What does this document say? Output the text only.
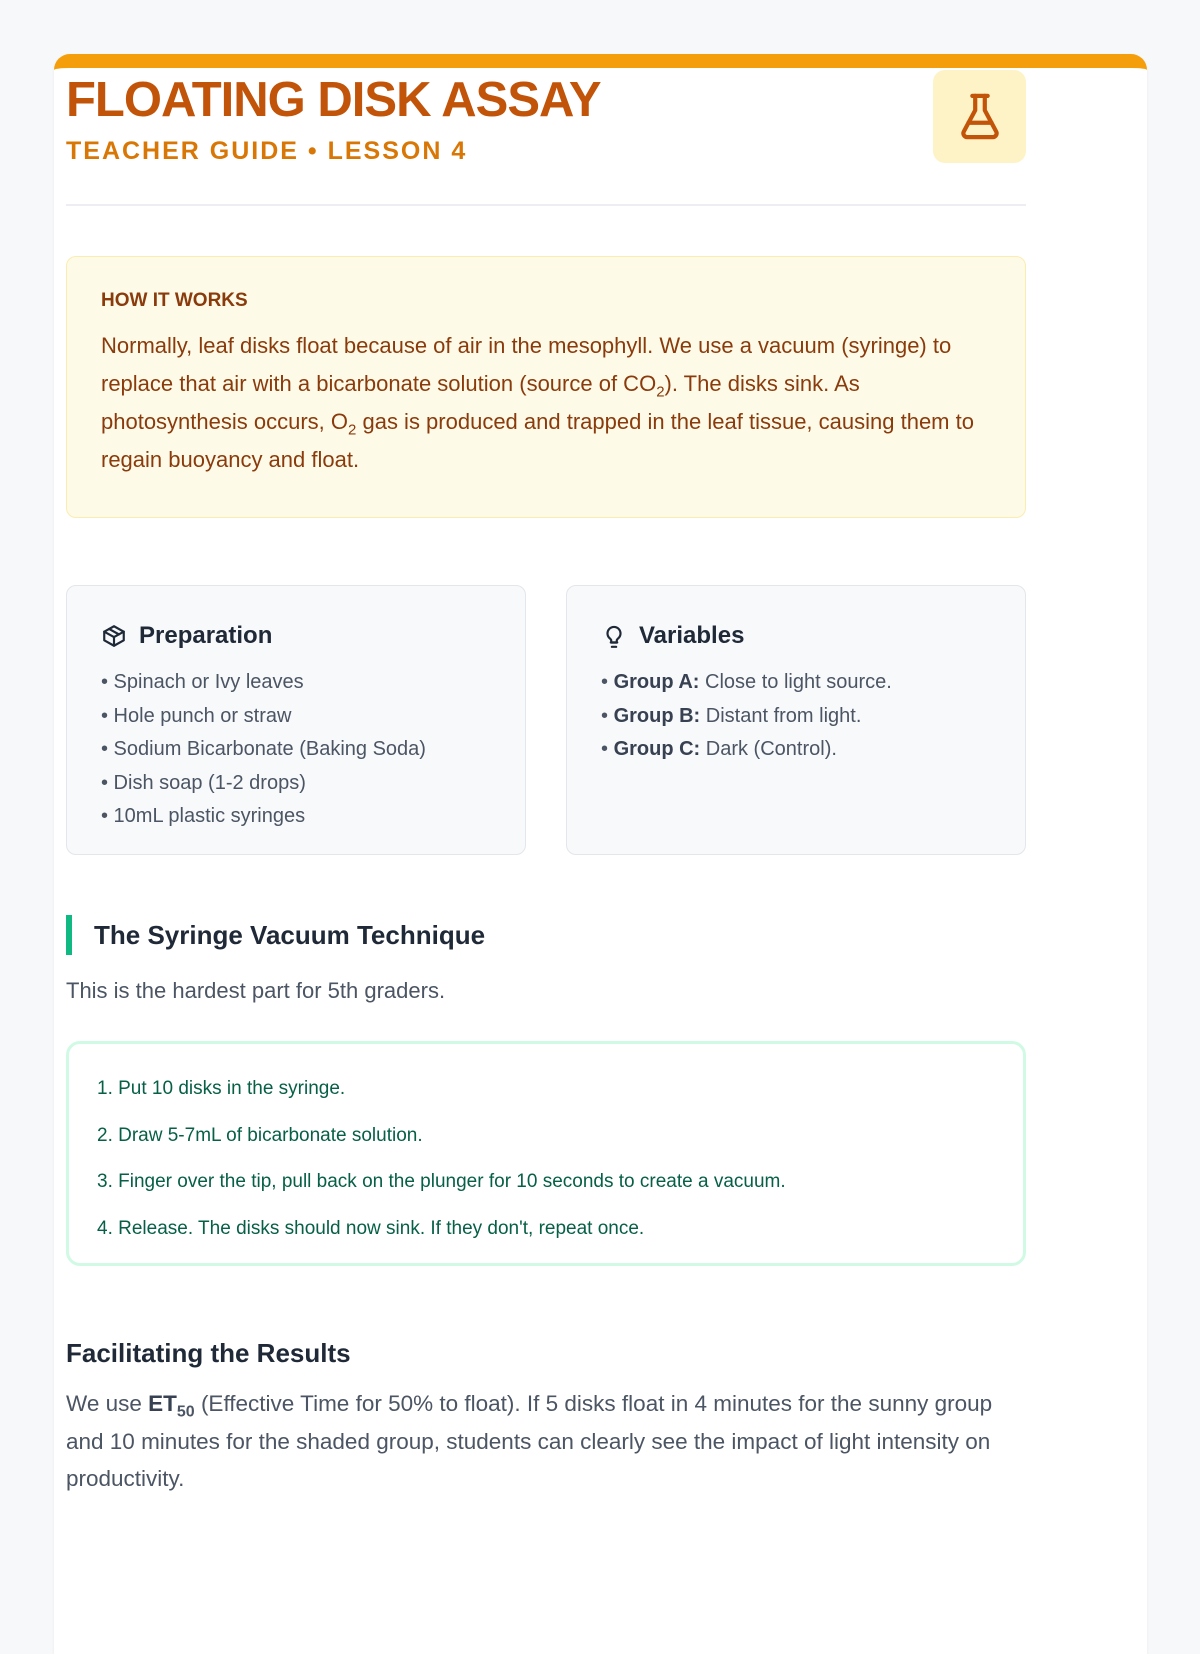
FLOATING DISK ASSAY
TEACHER GUIDE • LESSON 4
HOW IT WORKS
Normally, leaf disks float because of air in the mesophyll. We use a vacuum (syringe) to replace that air with a bicarbonate solution (source of $CO_2$). The disks sink. As photosynthesis occurs, $O_2$ gas is produced and trapped in the leaf tissue, causing them to regain buoyancy and float.
Preparation
• Spinach or Ivy leaves
• Hole punch or straw
• Sodium Bicarbonate (Baking Soda)
• Dish soap (1-2 drops)
• 10mL plastic syringes
Variables
• Group A: Close to light source.
• Group B: Distant from light.
• Group C: Dark (Control).
The Syringe Vacuum Technique
This is the hardest part for 5th graders.
1. Put 10 disks in the syringe.
2. Draw 5-7mL of bicarbonate solution.
3. Finger over the tip, pull back on the plunger for 10 seconds to create a vacuum.
4. Release. The disks should now sink. If they don't, repeat once.
Facilitating the Results
We use $ET_{50}$ (Effective Time for 50% to float). If 5 disks float in 4 minutes for the sunny group and 10 minutes for the shaded group, students can clearly see the impact of light intensity on productivity.
